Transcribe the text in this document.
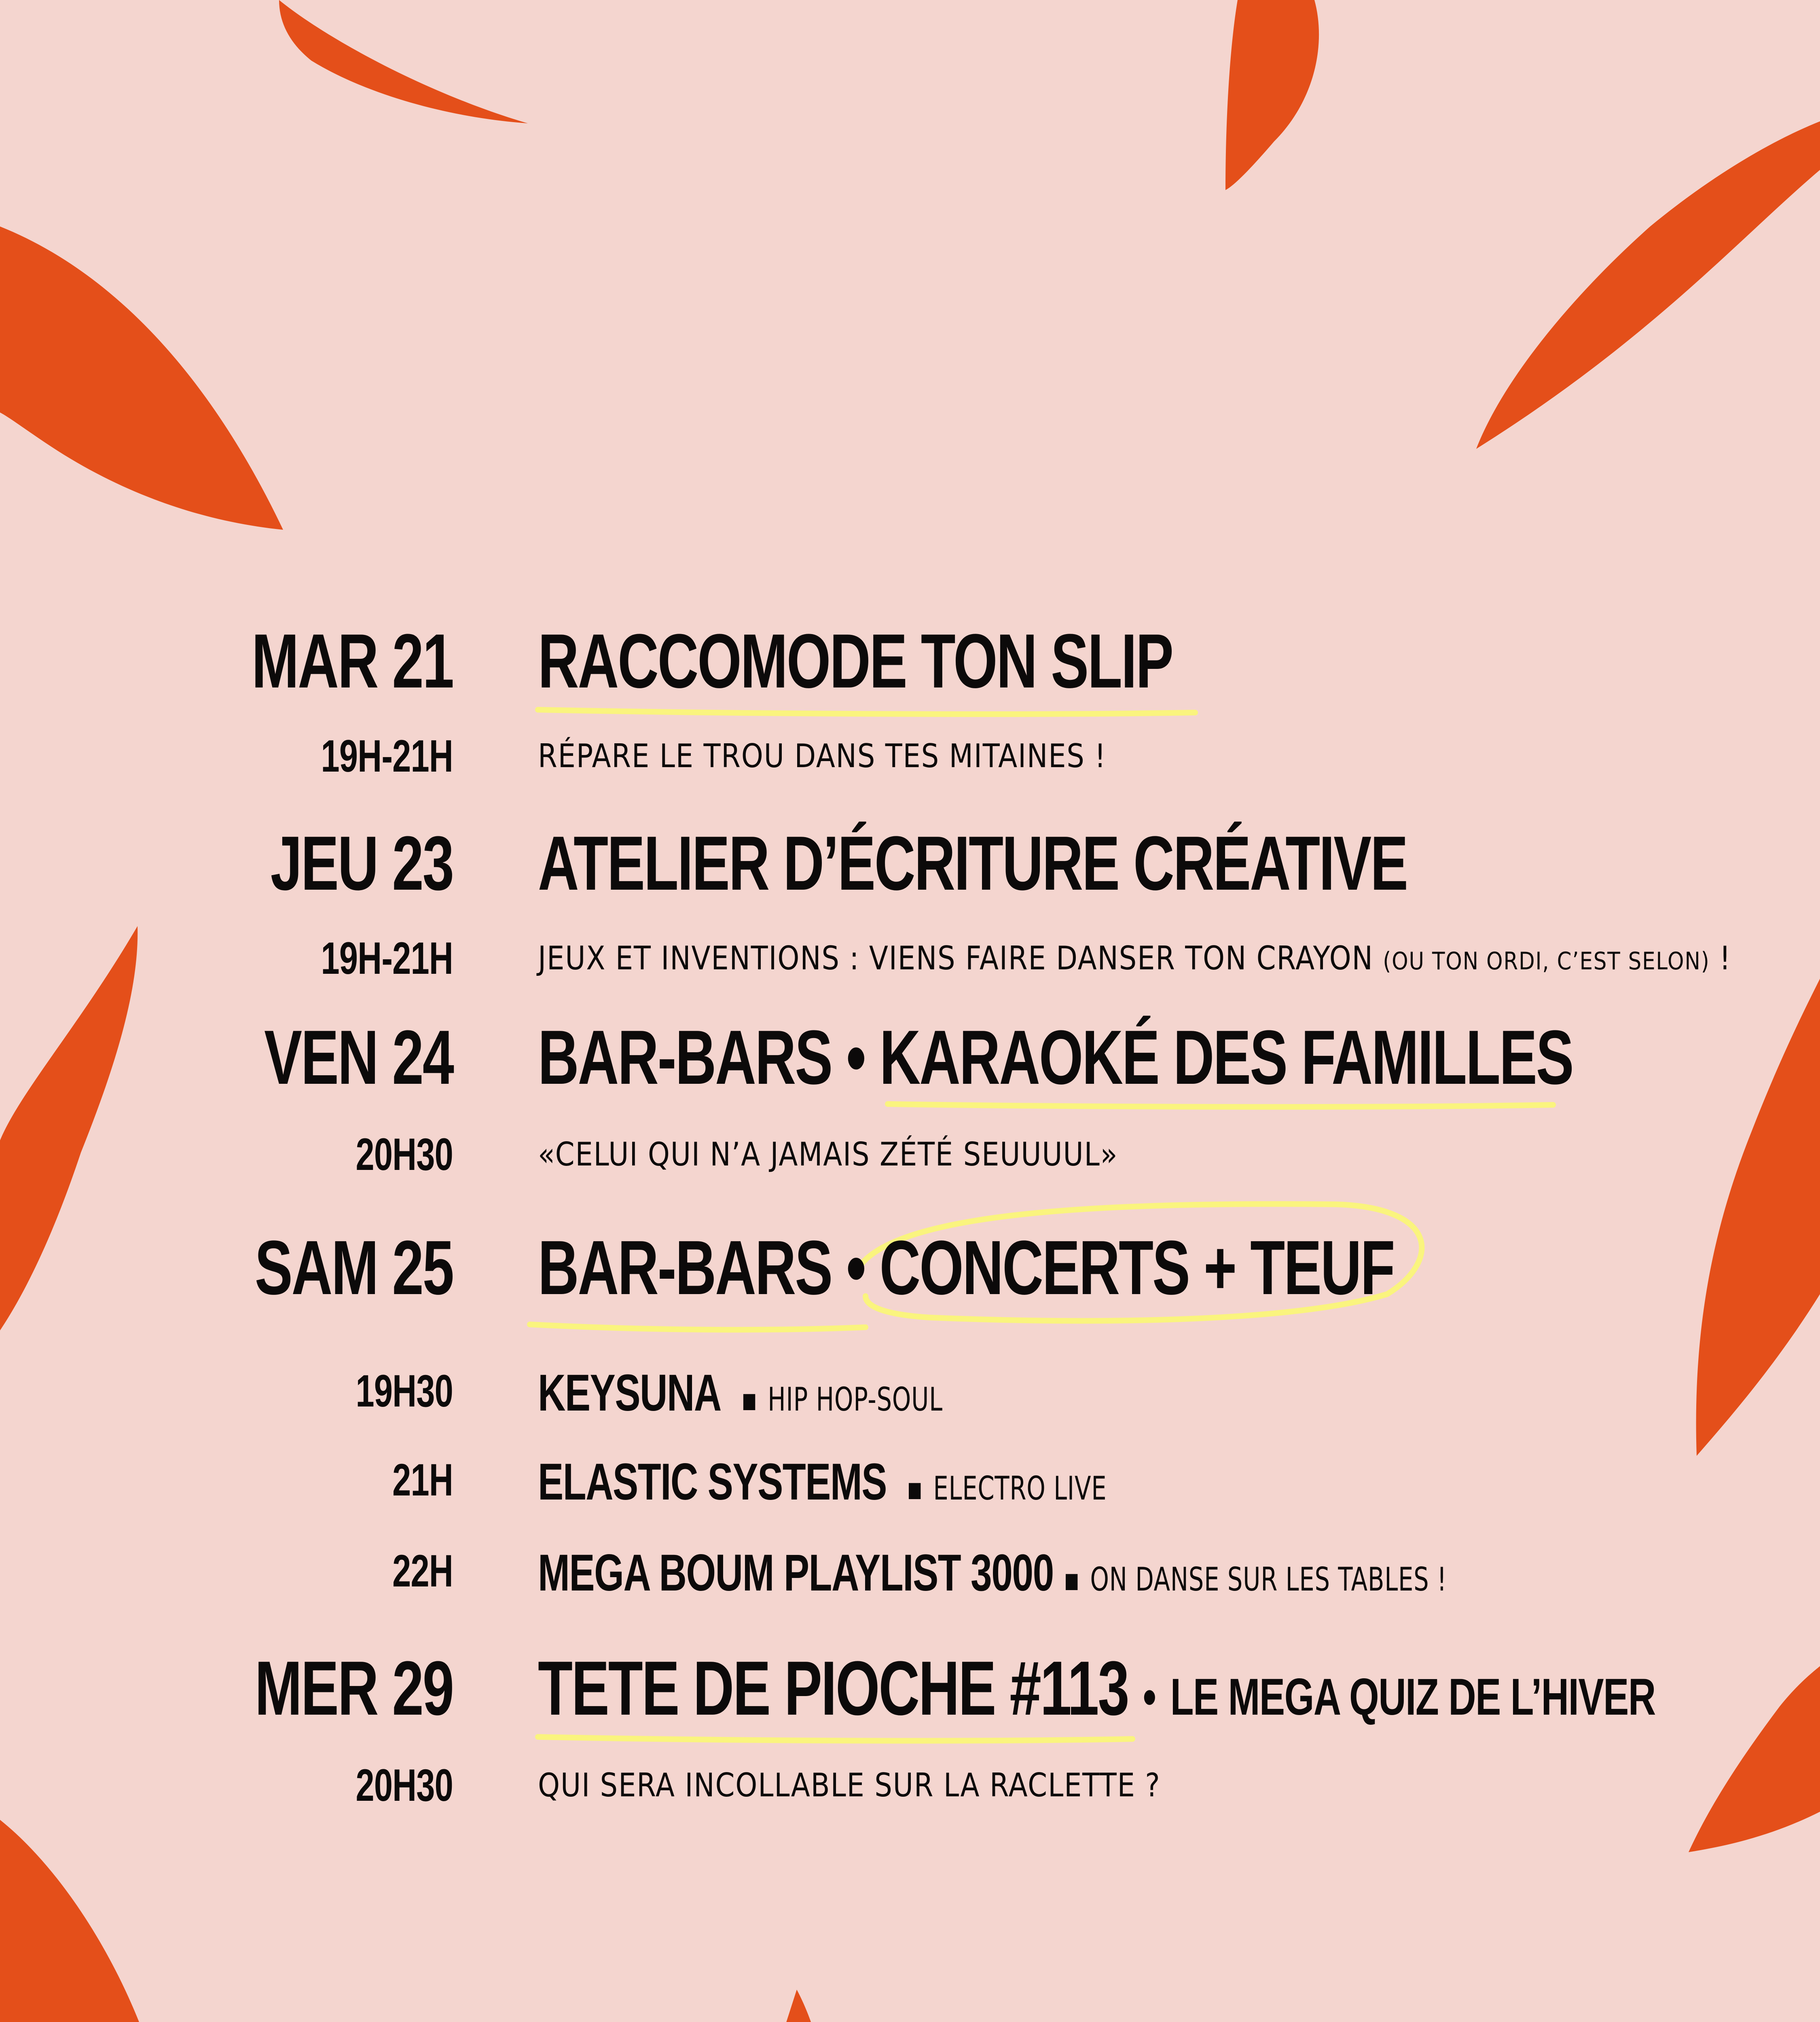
MAR 21 RACCOMODE TON SLIP
19H-21H	RÉPARE LE TROU DANS TES MITAINES !
JEU 23 ATELIER D’ÉCRITURE CRÉATIVE
19H-21H	JEUX ET INVENTIONS : VIENS FAIRE DANSER TON CRAYON (OU TON ORDI, C’EST SELON) !
VEN 24 BAR-BARS • KARAOKÉ DES FAMILLES
20H30	«CELUI QUI N’A JAMAIS ZÉTÉ SEUUUUL»
SAM 25 BAR-BARS • CONCERTS + TEUF
19H30 KEYSUNA ▪ HIP HOP-SOUL
21H ELASTIC SYSTEMS ▪ ELECTRO LIVE
22H MEGA BOUM PLAYLIST 3000 ▪ ON DANSE SUR LES TABLES !
MER 29 TETE DE PIOCHE #113 • LE MEGA QUIZ DE L’HIVER
20H30	QUI SERA INCOLLABLE SUR LA RACLETTE ?
